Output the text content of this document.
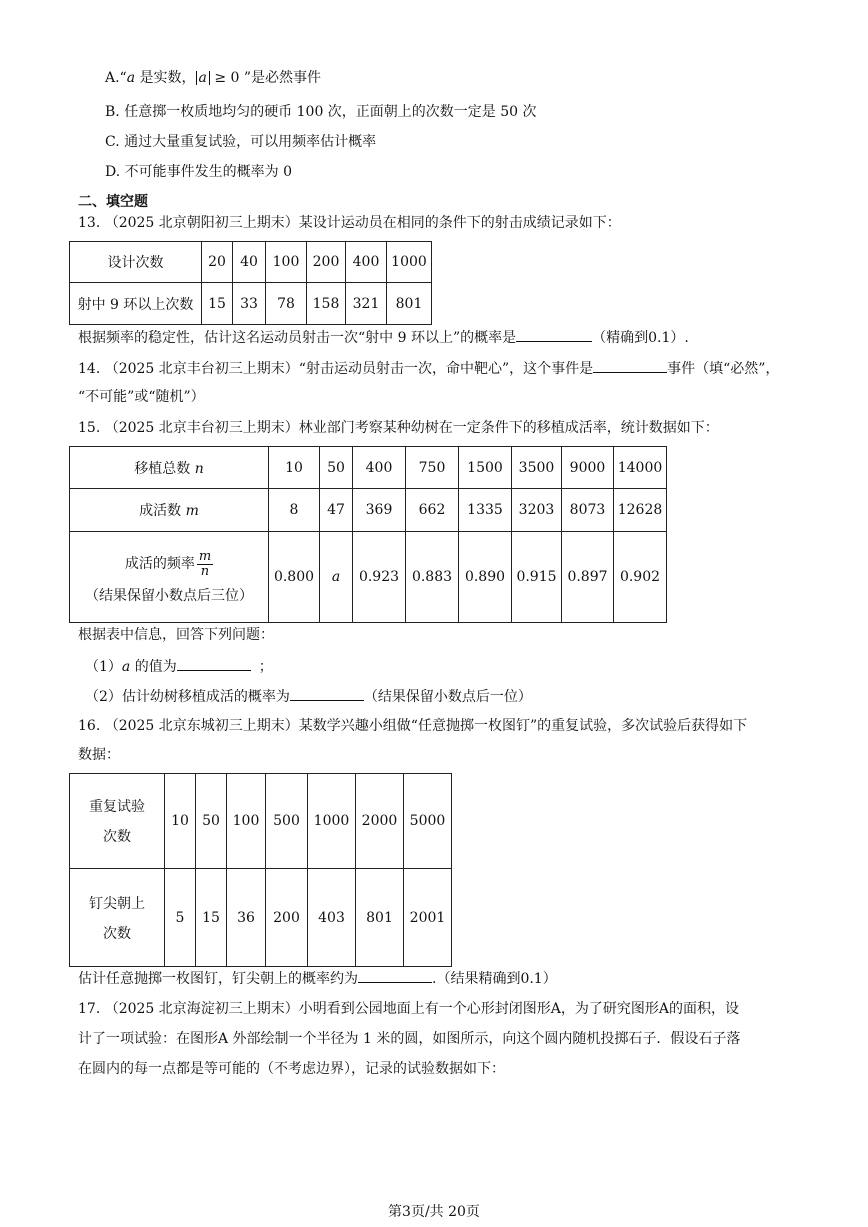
A.“a 是实数， a ≥ 0 ”是必然事件
B. 任意掷一枚质地均匀的硬币 100 次，正面朝上的次数一定是 50 次
C. 通过大量重复试验，可以用频率估计概率
D. 不可能事件发生的概率为 0
二、填空题
13. （2025 北京朝阳初三上期末）某设计运动员在相同的条件下的射击成绩记录如下：
设计次数	20	40	100	200	400	1000
射中 9 环以上次数	15	33	78	158	321	801
根据频率的稳定性，估计这名运动员射击一次“射中 9 环以上”的概率是	（精确到0.1）.
14. （2025 北京丰台初三上期末）“射击运动员射击一次，命中靶心”，这个事件是	事件（填“必然”，
“不可能”或“随机”）
15. （2025 北京丰台初三上期末）林业部门考察某种幼树在一定条件下的移植成活率，统计数据如下：
移植总数 n	10	50	400	750	1500	3500	9000	14000
成活数 m	8	47	369	662	1335	3203	8073	12628

成活的频率 $\frac{m}{n}$
（结果保留小数点后三位）	0.800	a	0.923	0.883	0.890	0.915	0.897	0.902
根据表中信息，回答下列问题：
（1）a 的值为	；
（2）估计幼树移植成活的概率为	（结果保留小数点后一位）
16. （2025 北京东城初三上期末）某数学兴趣小组做“任意抛掷一枚图钉”的重复试验，多次试验后获得如下
数据：
重复试验
次数	10	50	100	500	1000	2000	5000

钉尖朝上
次数	5	15	36	200	403	801	2001
估计任意抛掷一枚图钉，钉尖朝上的概率约为	.（结果精确到0.1）
17. （2025 北京海淀初三上期末）小明看到公园地面上有一个心形封闭图形A，为了研究图形A的面积，设
计了一项试验：在图形A 外部绘制一个半径为 1 米的圆，如图所示，向这个圆内随机投掷石子．假设石子落
在圆内的每一点都是等可能的（不考虑边界），记录的试验数据如下：
第3页/共 20页
